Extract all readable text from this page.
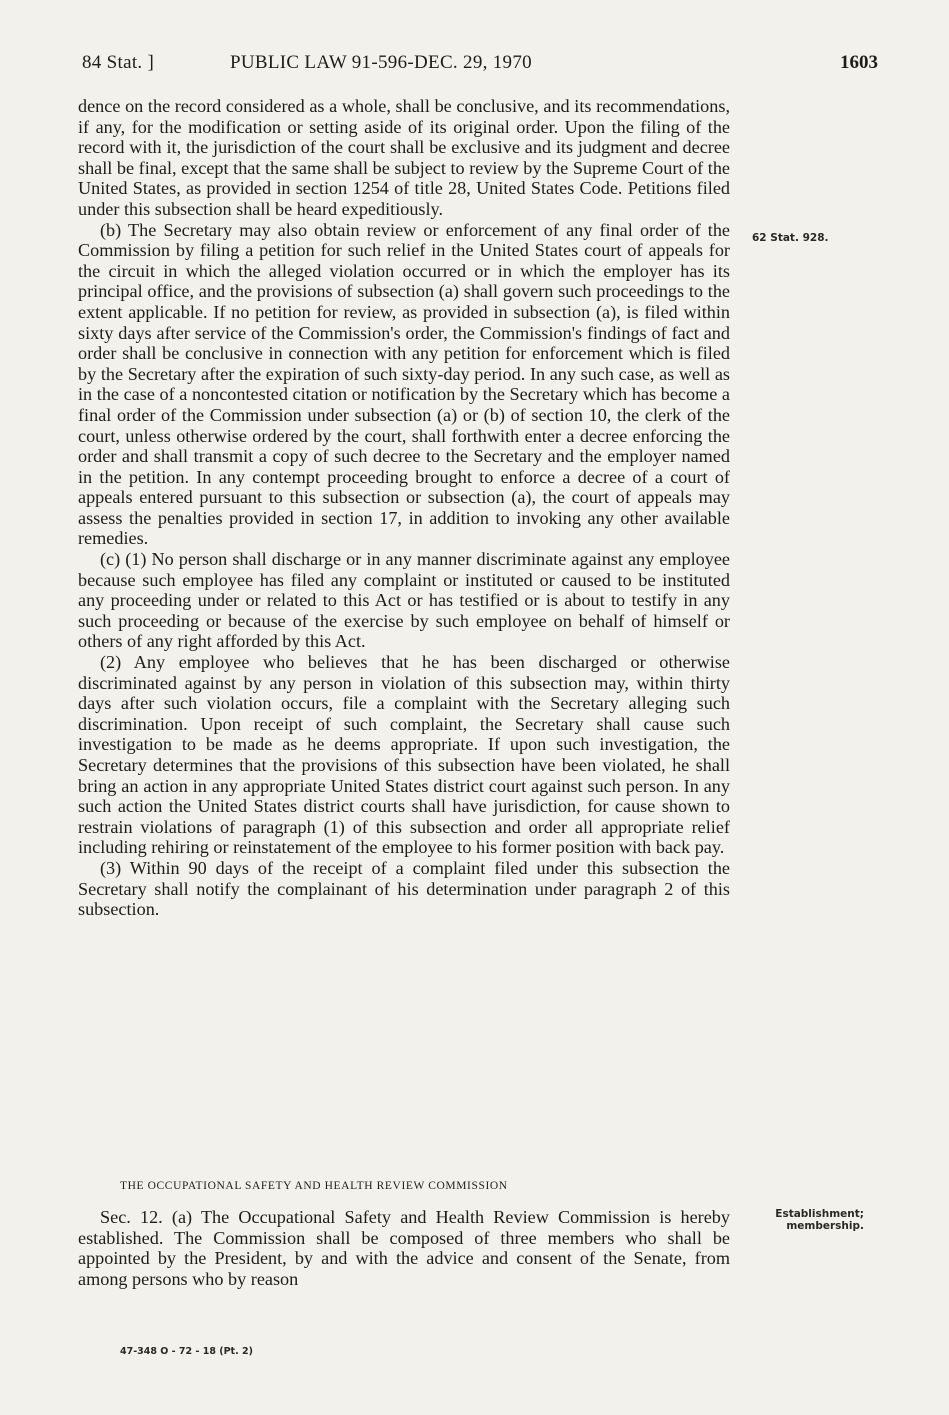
84 Stat. ]	PUBLIC LAW 91-596-DEC. 29, 1970	1603

dence on the record considered as a whole, shall be conclusive, and its recommendations, if any, for the modification or setting aside of its original order. Upon the filing of the record with it, the jurisdiction of the court shall be exclusive and its judgment and decree shall be final, except that the same shall be subject to review by the Supreme Court of the United States, as provided in section 1254 of title 28, United States Code. Petitions filed under this subsection shall be heard expeditiously.

(b) The Secretary may also obtain review or enforcement of any final order of the Commission by filing a petition for such relief in the United States court of appeals for the circuit in which the alleged violation occurred or in which the employer has its principal office, and the provisions of subsection (a) shall govern such proceedings to the extent applicable. If no petition for review, as provided in subsection (a), is filed within sixty days after service of the Commission's order, the Commission's findings of fact and order shall be conclusive in connection with any petition for enforcement which is filed by the Secretary after the expiration of such sixty-day period. In any such case, as well as in the case of a noncontested citation or notification by the Secretary which has become a final order of the Commission under subsection (a) or (b) of section 10, the clerk of the court, unless otherwise ordered by the court, shall forthwith enter a decree enforcing the order and shall transmit a copy of such decree to the Secretary and the employer named in the petition. In any contempt proceeding brought to enforce a decree of a court of appeals entered pursuant to this subsection or subsection (a), the court of appeals may assess the penalties provided in section 17, in addition to invoking any other available remedies.

(c) (1) No person shall discharge or in any manner discriminate against any employee because such employee has filed any complaint or instituted or caused to be instituted any proceeding under or related to this Act or has testified or is about to testify in any such proceeding or because of the exercise by such employee on behalf of himself or others of any right afforded by this Act.

(2) Any employee who believes that he has been discharged or otherwise discriminated against by any person in violation of this subsection may, within thirty days after such violation occurs, file a complaint with the Secretary alleging such discrimination. Upon receipt of such complaint, the Secretary shall cause such investigation to be made as he deems appropriate. If upon such investigation, the Secretary determines that the provisions of this subsection have been violated, he shall bring an action in any appropriate United States district court against such person. In any such action the United States district courts shall have jurisdiction, for cause shown to restrain violations of paragraph (1) of this subsection and order all appropriate relief including rehiring or reinstatement of the employee to his former position with back pay.

(3) Within 90 days of the receipt of a complaint filed under this subsection the Secretary shall notify the complainant of his determination under paragraph 2 of this subsection.

62 Stat. 928.
THE OCCUPATIONAL SAFETY AND HEALTH REVIEW COMMISSION
Sec. 12. (a) The Occupational Safety and Health Review Commission is hereby established. The Commission shall be composed of three members who shall be appointed by the President, by and with the advice and consent of the Senate, from among persons who by reason
Establishment;
membership.
47-348 O - 72 - 18 (Pt. 2)
